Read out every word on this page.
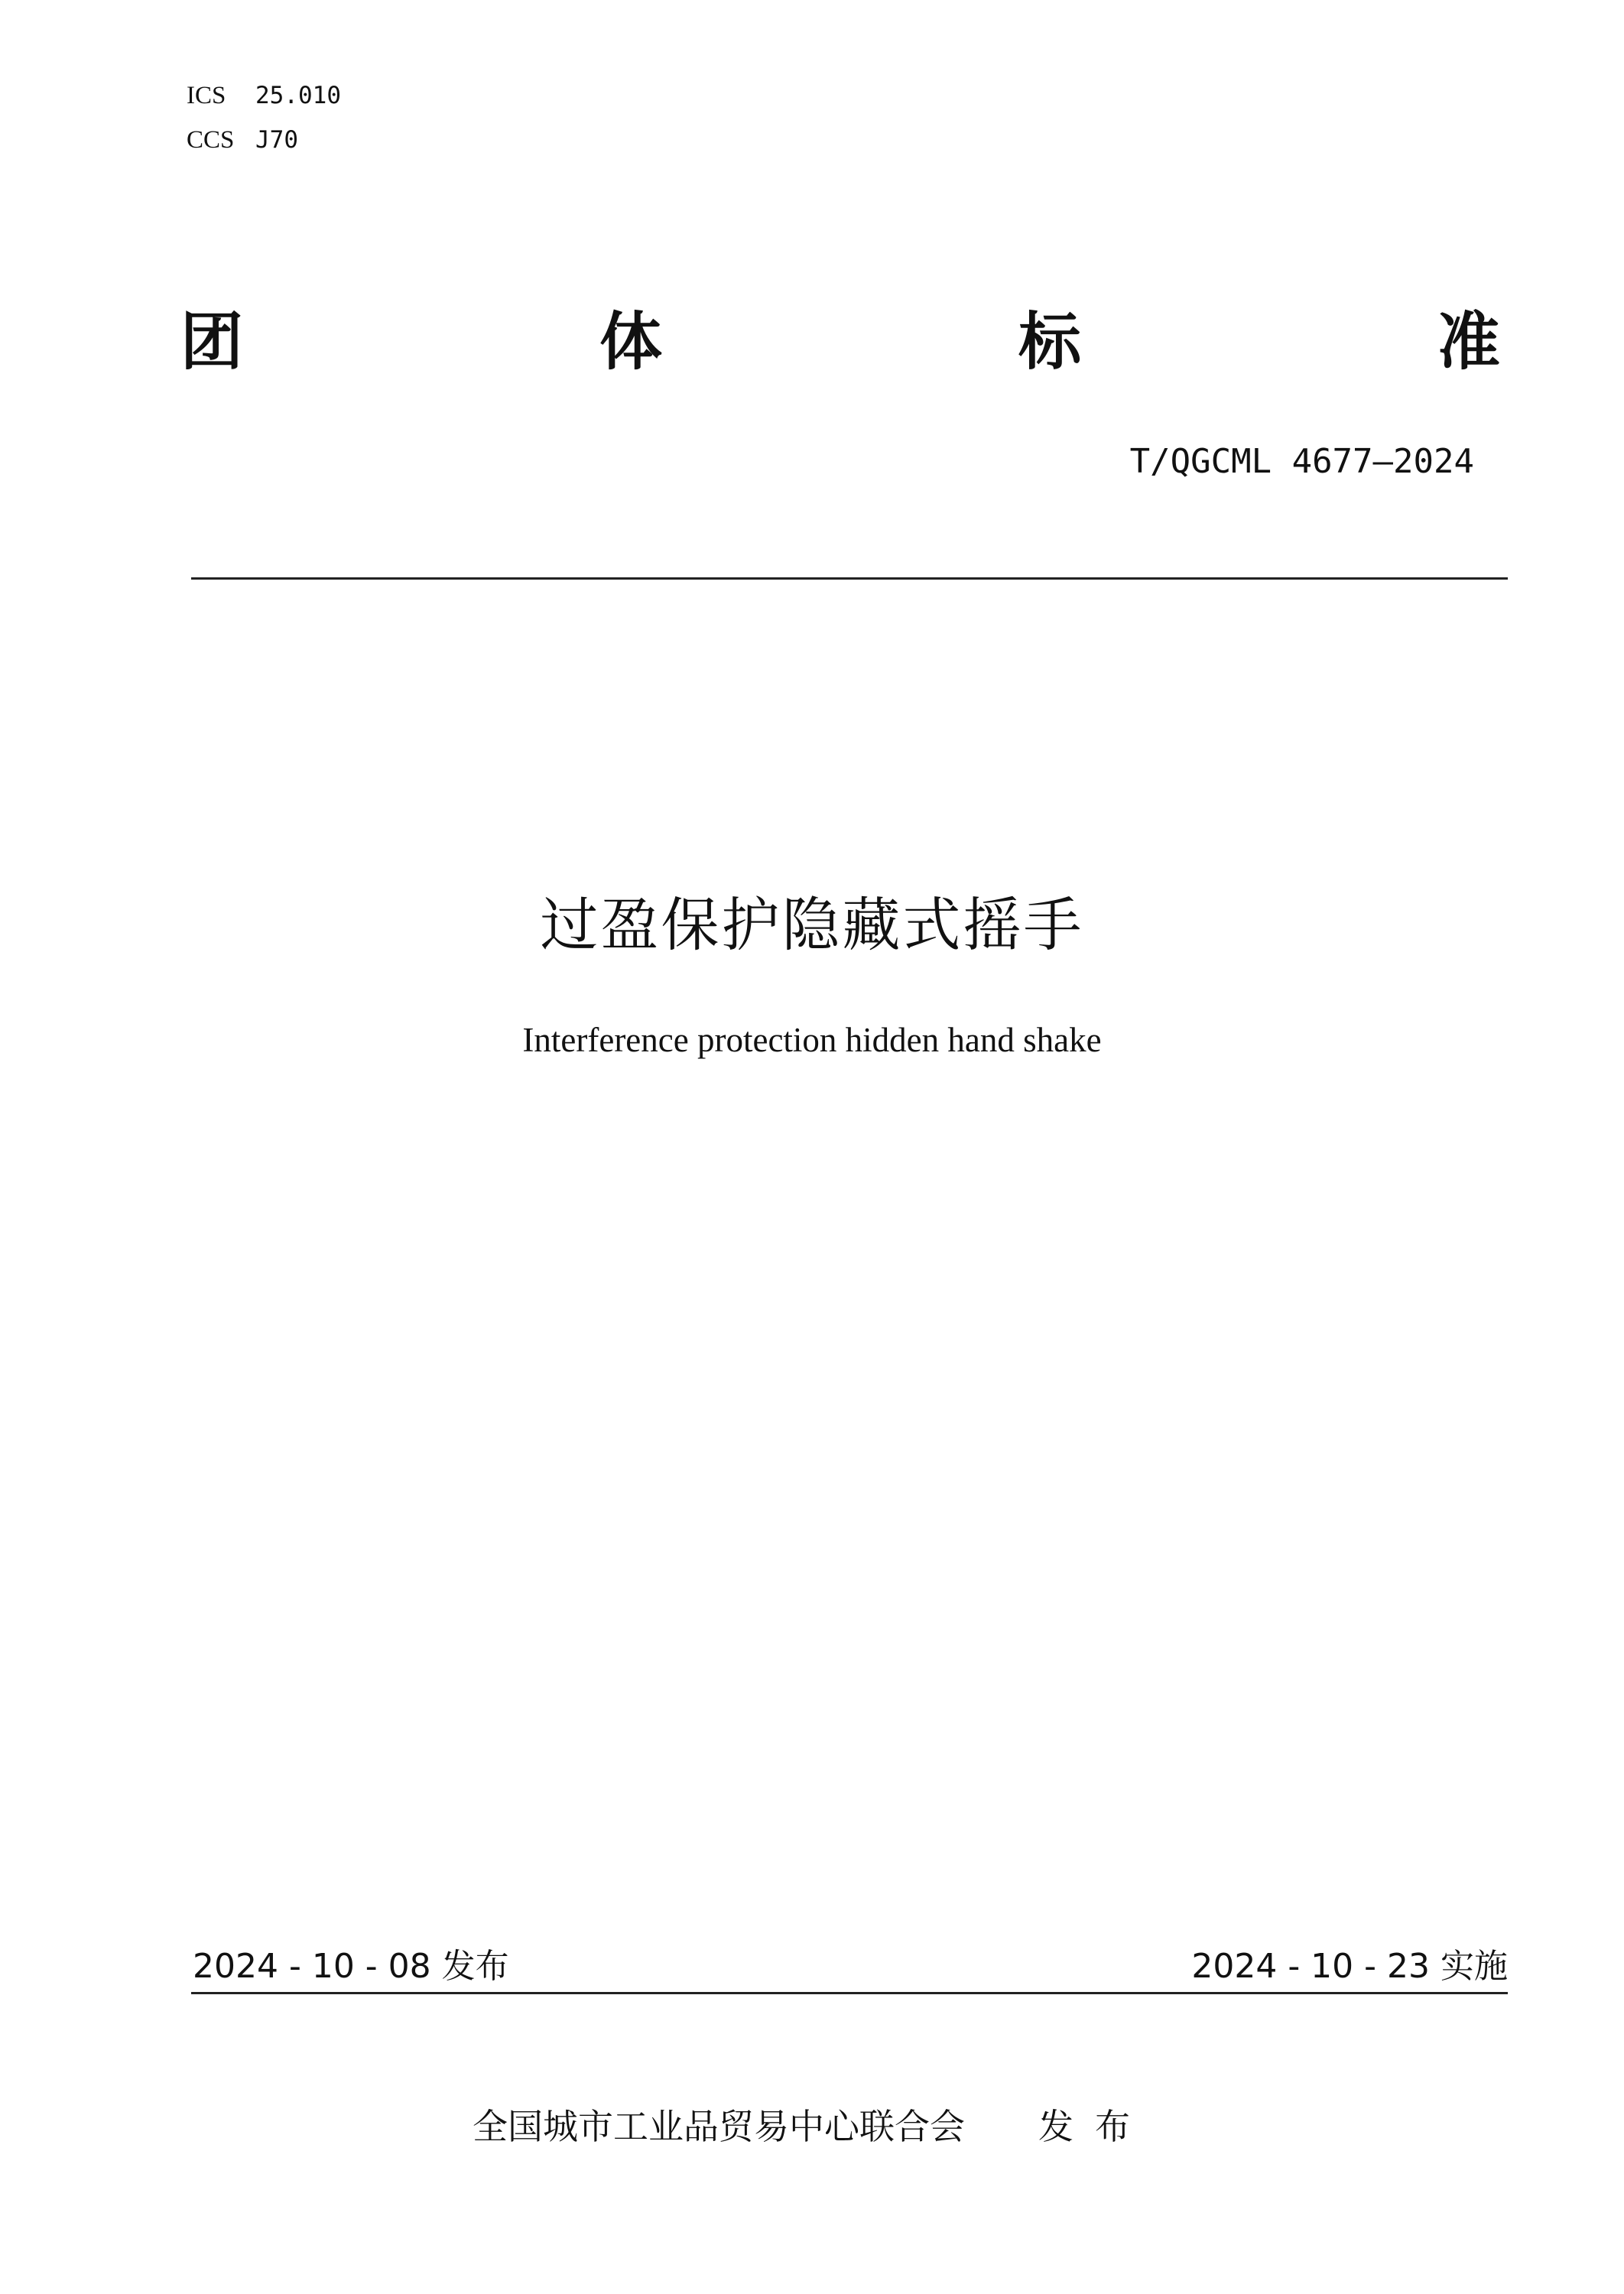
ICS	25.010
CCS J70
团	体	标	准
T/QGCML 4677—2024
过盈保护隐藏式摇手
Interference protection hidden hand shake
2024 - 10 - 08 发布	2024 - 10 - 23 实施
全国城市工业品贸易中心联合会 发布
